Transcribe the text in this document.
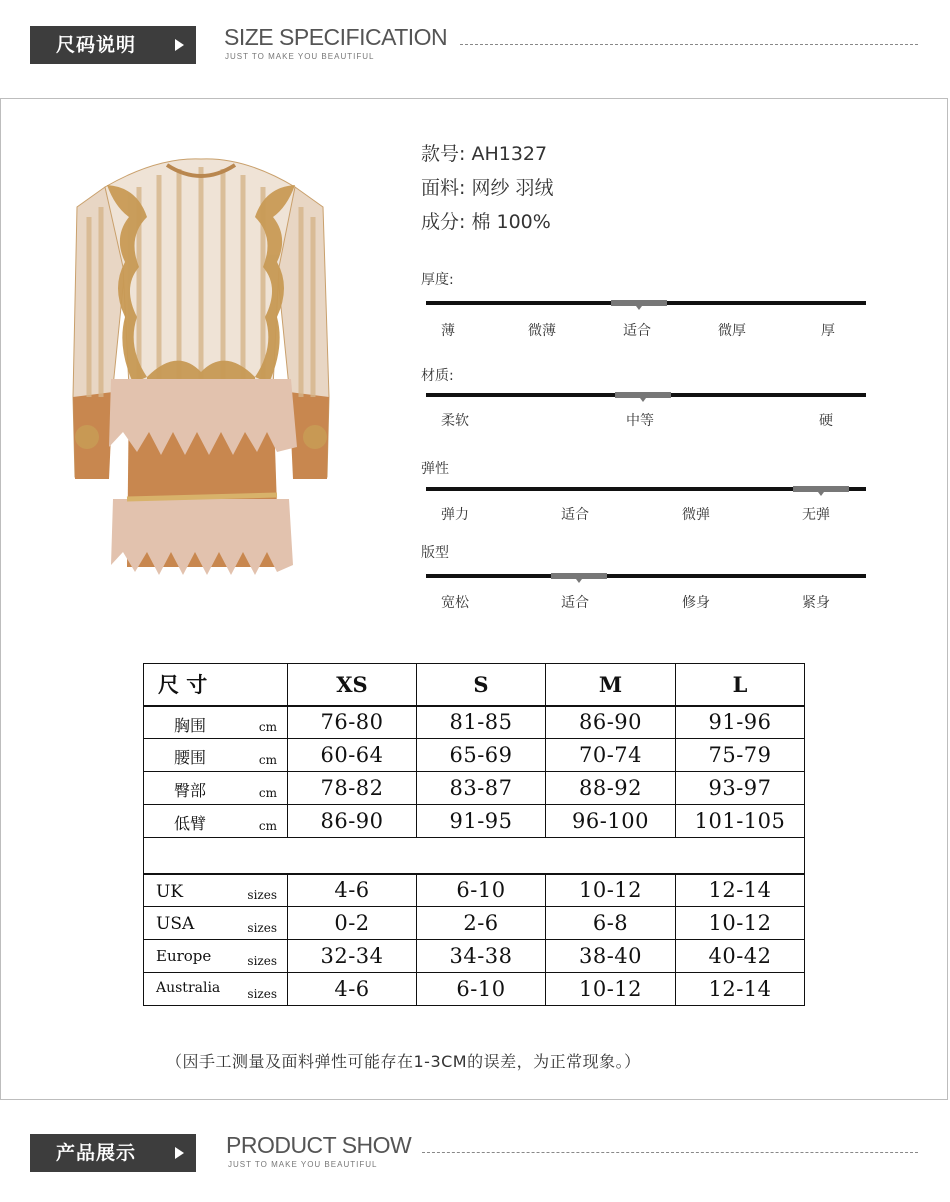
尺码说明	SIZE SPECIFICATION
JUST TO MAKE YOU BEAUTIFUL
款号: AH1327
面料: 网纱 羽绒
成分: 棉 100%
厚度:
薄	微薄	适合	微厚	厚
材质:
柔软	中等	硬
弹性
弹力	适合	微弹	无弹
版型
宽松	适合	修身	紧身
尺 寸	XS	S	M	L

胸围 cm	76-80	81-85	86-90	91-96

腰围 cm	60-64	65-69	70-74	75-79

臀部 cm	78-82	83-87	88-92	93-97

低臂 cm	86-90	91-95	96-100	101-105

UK sizes	4-6	6-10	10-12	12-14

USA sizes	0-2	2-6	6-8	10-12

Europe sizes	32-34	34-38	38-40	40-42

Australia sizes	4-6	6-10	10-12	12-14
（因手工测量及面料弹性可能存在1-3CM的误差，为正常现象。）
产品展示	PRODUCT SHOW
JUST TO MAKE YOU BEAUTIFUL
